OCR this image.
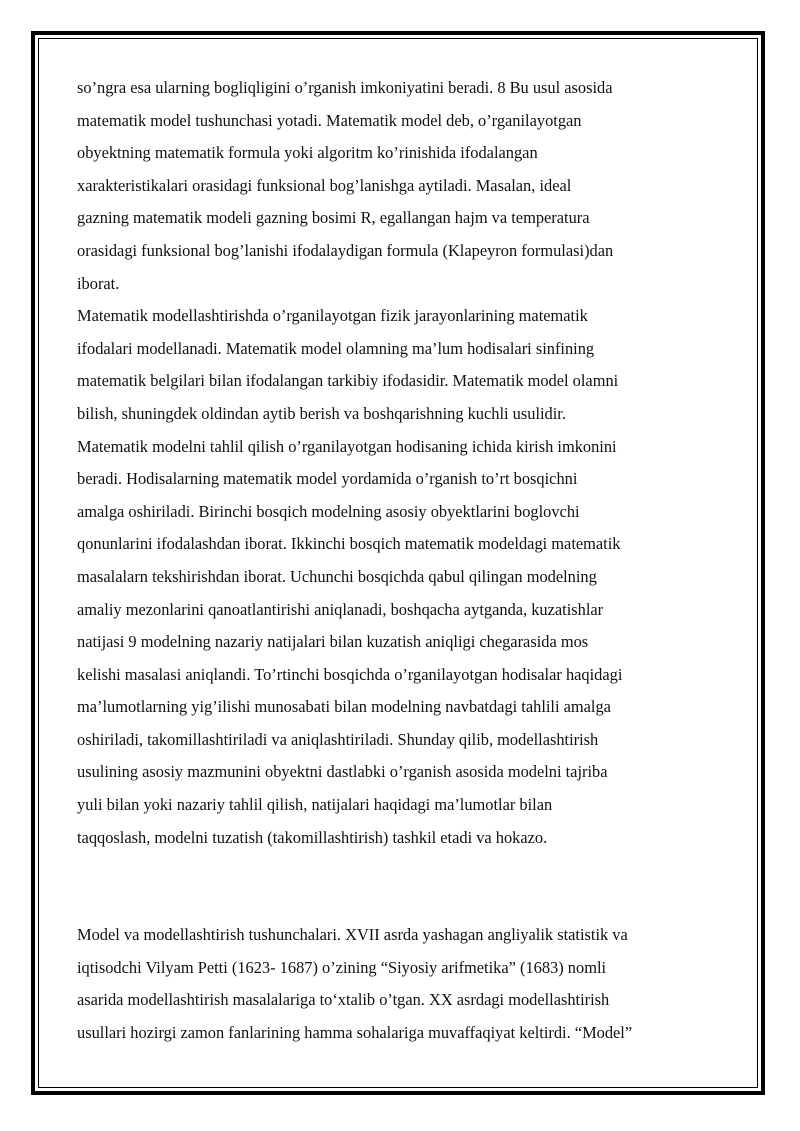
so’ngra esa ularning bogliqligini o’rganish imkoniyatini beradi. 8 Bu usul asosida
matematik model tushunchasi yotadi. Matematik model deb, o’rganilayotgan
obyektning matematik formula yoki algoritm ko’rinishida ifodalangan
xarakteristikalari orasidagi funksional bog’lanishga aytiladi. Masalan, ideal
gazning matematik modeli gazning bosimi R, egallangan hajm va temperatura
orasidagi funksional bog’lanishi ifodalaydigan formula (Klapeyron formulasi)dan
iborat.
Matematik modellashtirishda o’rganilayotgan fizik jarayonlarining matematik
ifodalari modellanadi. Matematik model olamning ma’lum hodisalari sinfining
matematik belgilari bilan ifodalangan tarkibiy ifodasidir. Matematik model olamni
bilish, shuningdek oldindan aytib berish va boshqarishning kuchli usulidir.
Matematik modelni tahlil qilish o’rganilayotgan hodisaning ichida kirish imkonini
beradi. Hodisalarning matematik model yordamida o’rganish to’rt bosqichni
amalga oshiriladi. Birinchi bosqich modelning asosiy obyektlarini boglovchi
qonunlarini ifodalashdan iborat. Ikkinchi bosqich matematik modeldagi matematik
masalalarn tekshirishdan iborat. Uchunchi bosqichda qabul qilingan modelning
amaliy mezonlarini qanoatlantirishi aniqlanadi, boshqacha aytganda, kuzatishlar
natijasi 9 modelning nazariy natijalari bilan kuzatish aniqligi chegarasida mos
kelishi masalasi aniqlandi. To’rtinchi bosqichda o’rganilayotgan hodisalar haqidagi
ma’lumotlarning yig’ilishi munosabati bilan modelning navbatdagi tahlili amalga
oshiriladi, takomillashtiriladi va aniqlashtiriladi. Shunday qilib, modellashtirish
usulining asosiy mazmunini obyektni dastlabki o’rganish asosida modelni tajriba
yuli bilan yoki nazariy tahlil qilish, natijalari haqidagi ma’lumotlar bilan
taqqoslash, modelni tuzatish (takomillashtirish) tashkil etadi va hokazo.
Model va modellashtirish tushunchalari. XVII asrda yashagan angliyalik statistik va
iqtisodchi Vilyam Petti (1623- 1687) o’zining “Siyosiy arifmetika” (1683) nomli
asarida modellashtirish masalalariga to‘xtalib o’tgan. XX asrdagi modellashtirish
usullari hozirgi zamon fanlarining hamma sohalariga muvaffaqiyat keltirdi. “Model”
